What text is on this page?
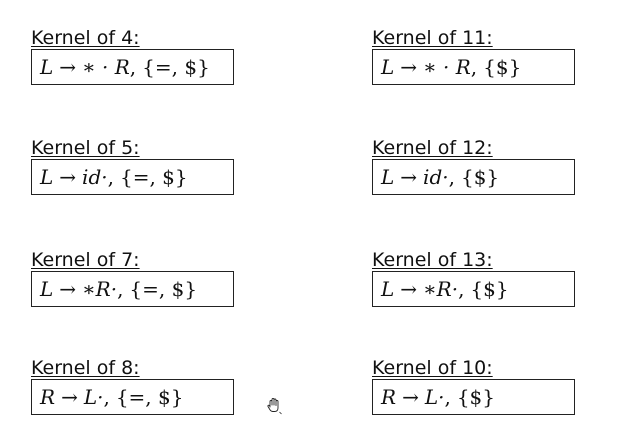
Kernel of 4:
L → ∗ · R , {=, $}
Kernel of 11:
L → ∗ · R , {$}
Kernel of 5:
L → id· , {=, $}
Kernel of 12:
L → id· , {$}
Kernel of 7:
L → ∗R· , {=, $}
Kernel of 13:
L → ∗R· , {$}
Kernel of 8:
R → L· , {=, $}
Kernel of 10:
R → L· , {$}
